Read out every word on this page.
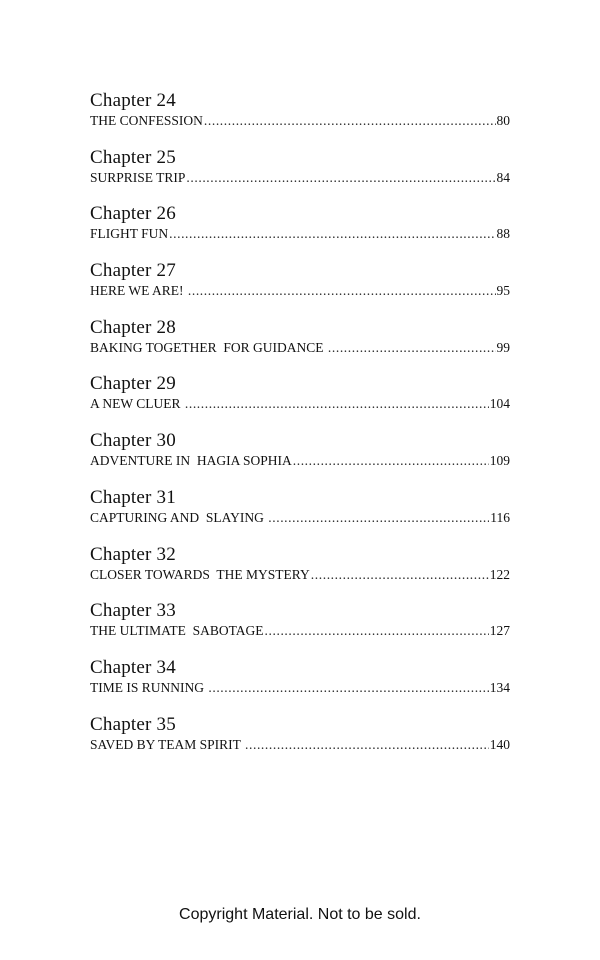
Chapter 24
THE CONFESSION .....	80
Chapter 25
SURPRISE TRIP .....	84
Chapter 26
FLIGHT FUN .....	88
Chapter 27
HERE WE ARE! .....	95
Chapter 28
BAKING TOGETHER  FOR GUIDANCE .....	99
Chapter 29
A NEW CLUER .....	104
Chapter 30
ADVENTURE IN  HAGIA SOPHIA .....	109
Chapter 31
CAPTURING AND  SLAYING .....	116
Chapter 32
CLOSER TOWARDS  THE MYSTERY .....	122
Chapter 33
THE ULTIMATE  SABOTAGE .....	127
Chapter 34
TIME IS RUNNING .....	134
Chapter 35
SAVED BY TEAM SPIRIT .....	140
Copyright Material. Not to be sold.
